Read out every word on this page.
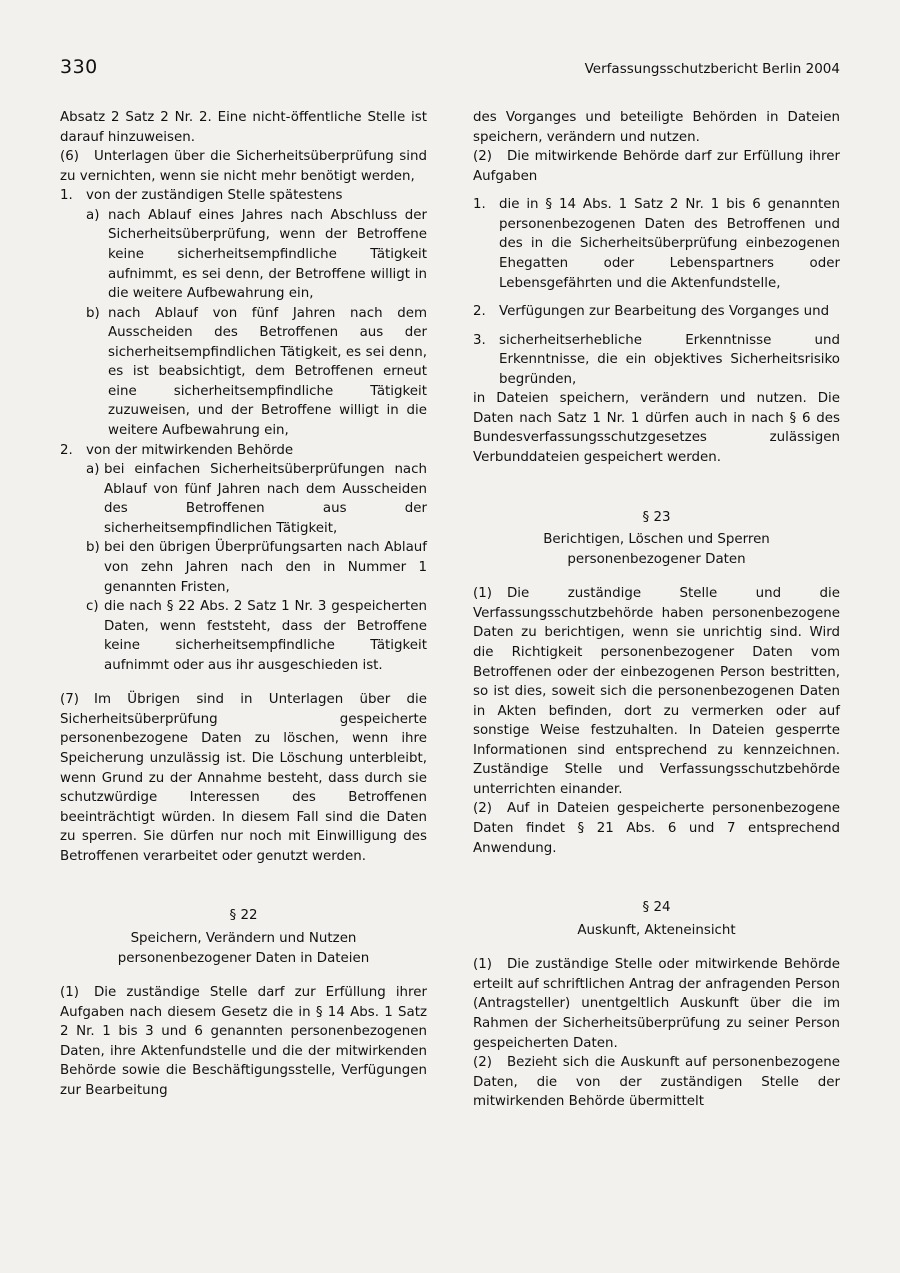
330	Verfassungsschutzbericht Berlin 2004

Absatz 2 Satz 2 Nr. 2. Eine nicht-öffentliche Stelle ist darauf hinzuweisen.

(6) Unterlagen über die Sicherheitsüberprüfung sind zu vernichten, wenn sie nicht mehr benötigt werden,

1. von der zuständigen Stelle spätestens
a) nach Ablauf eines Jahres nach Abschluss der Sicherheitsüberprüfung, wenn der Betroffene keine sicherheitsempfindliche Tätigkeit aufnimmt, es sei denn, der Betroffene willigt in die weitere Aufbewahrung ein,
b) nach Ablauf von fünf Jahren nach dem Ausscheiden des Betroffenen aus der sicherheitsempfindlichen Tätigkeit, es sei denn, es ist beabsichtigt, dem Betroffenen erneut eine sicherheitsempfindliche Tätigkeit zuzuweisen, und der Betroffene willigt in die weitere Aufbewahrung ein,
2. von der mitwirkenden Behörde
a) bei einfachen Sicherheitsüberprüfungen nach Ablauf von fünf Jahren nach dem Ausscheiden des Betroffenen aus der sicherheitsempfindlichen Tätigkeit,
b) bei den übrigen Überprüfungsarten nach Ablauf von zehn Jahren nach den in Nummer 1 genannten Fristen,
c) die nach § 22 Abs. 2 Satz 1 Nr. 3 gespeicherten Daten, wenn feststeht, dass der Betroffene keine sicherheitsempfindliche Tätigkeit aufnimmt oder aus ihr ausgeschieden ist.

(7) Im Übrigen sind in Unterlagen über die Sicherheitsüberprüfung gespeicherte personenbezogene Daten zu löschen, wenn ihre Speicherung unzulässig ist. Die Löschung unterbleibt, wenn Grund zu der Annahme besteht, dass durch sie schutzwürdige Interessen des Betroffenen beeinträchtigt würden. In diesem Fall sind die Daten zu sperren. Sie dürfen nur noch mit Einwilligung des Betroffenen verarbeitet oder genutzt werden.

§ 22
Speichern, Verändern und Nutzen
personenbezogener Daten in Dateien

(1) Die zuständige Stelle darf zur Erfüllung ihrer Aufgaben nach diesem Gesetz die in § 14 Abs. 1 Satz 2 Nr. 1 bis 3 und 6 genannten personenbezogenen Daten, ihre Aktenfundstelle und die der mitwirkenden Behörde sowie die Beschäftigungsstelle, Verfügungen zur Bearbeitung

des Vorganges und beteiligte Behörden in Dateien speichern, verändern und nutzen.

(2) Die mitwirkende Behörde darf zur Erfüllung ihrer Aufgaben

1. die in § 14 Abs. 1 Satz 2 Nr. 1 bis 6 genannten personenbezogenen Daten des Betroffenen und des in die Sicherheitsüberprüfung einbezogenen Ehegatten oder Lebenspartners oder Lebensgefährten und die Aktenfundstelle,
2. Verfügungen zur Bearbeitung des Vorganges und
3. sicherheitserhebliche Erkenntnisse und Erkenntnisse, die ein objektives Sicherheitsrisiko begründen,

in Dateien speichern, verändern und nutzen. Die Daten nach Satz 1 Nr. 1 dürfen auch in nach § 6 des Bundesverfassungsschutzgesetzes zulässigen Verbunddateien gespeichert werden.

§ 23
Berichtigen, Löschen und Sperren
personenbezogener Daten

(1) Die zuständige Stelle und die Verfassungsschutzbehörde haben personenbezogene Daten zu berichtigen, wenn sie unrichtig sind. Wird die Richtigkeit personenbezogener Daten vom Betroffenen oder der einbezogenen Person bestritten, so ist dies, soweit sich die personenbezogenen Daten in Akten befinden, dort zu vermerken oder auf sonstige Weise festzuhalten. In Dateien gesperrte Informationen sind entsprechend zu kennzeichnen. Zuständige Stelle und Verfassungsschutzbehörde unterrichten einander.

(2) Auf in Dateien gespeicherte personenbezogene Daten findet § 21 Abs. 6 und 7 entsprechend Anwendung.

§ 24
Auskunft, Akteneinsicht

(1) Die zuständige Stelle oder mitwirkende Behörde erteilt auf schriftlichen Antrag der anfragenden Person (Antragsteller) unentgeltlich Auskunft über die im Rahmen der Sicherheitsüberprüfung zu seiner Person gespeicherten Daten.

(2) Bezieht sich die Auskunft auf personenbezogene Daten, die von der zuständigen Stelle der mitwirkenden Behörde übermittelt
